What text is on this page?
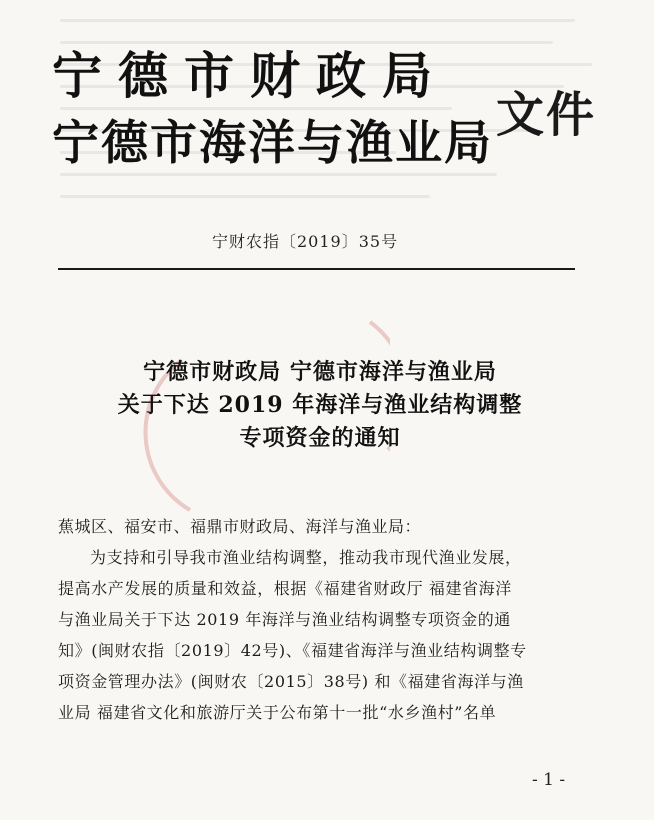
宁德市财政局
宁德市海洋与渔业局
文件
宁财农指〔2019〕35号
宁德市财政局 宁德市海洋与渔业局
关于下达 2019 年海洋与渔业结构调整
专项资金的通知

蕉城区、福安市、福鼎市财政局、海洋与渔业局：

为支持和引导我市渔业结构调整，推动我市现代渔业发展，

提高水产发展的质量和效益，根据《福建省财政厅 福建省海洋

与渔业局关于下达 2019 年海洋与渔业结构调整专项资金的通

知》(闽财农指〔2019〕42号)、《福建省海洋与渔业结构调整专

项资金管理办法》(闽财农〔2015〕38号) 和《福建省海洋与渔

业局 福建省文化和旅游厅关于公布第十一批“水乡渔村”名单

- 1 -
